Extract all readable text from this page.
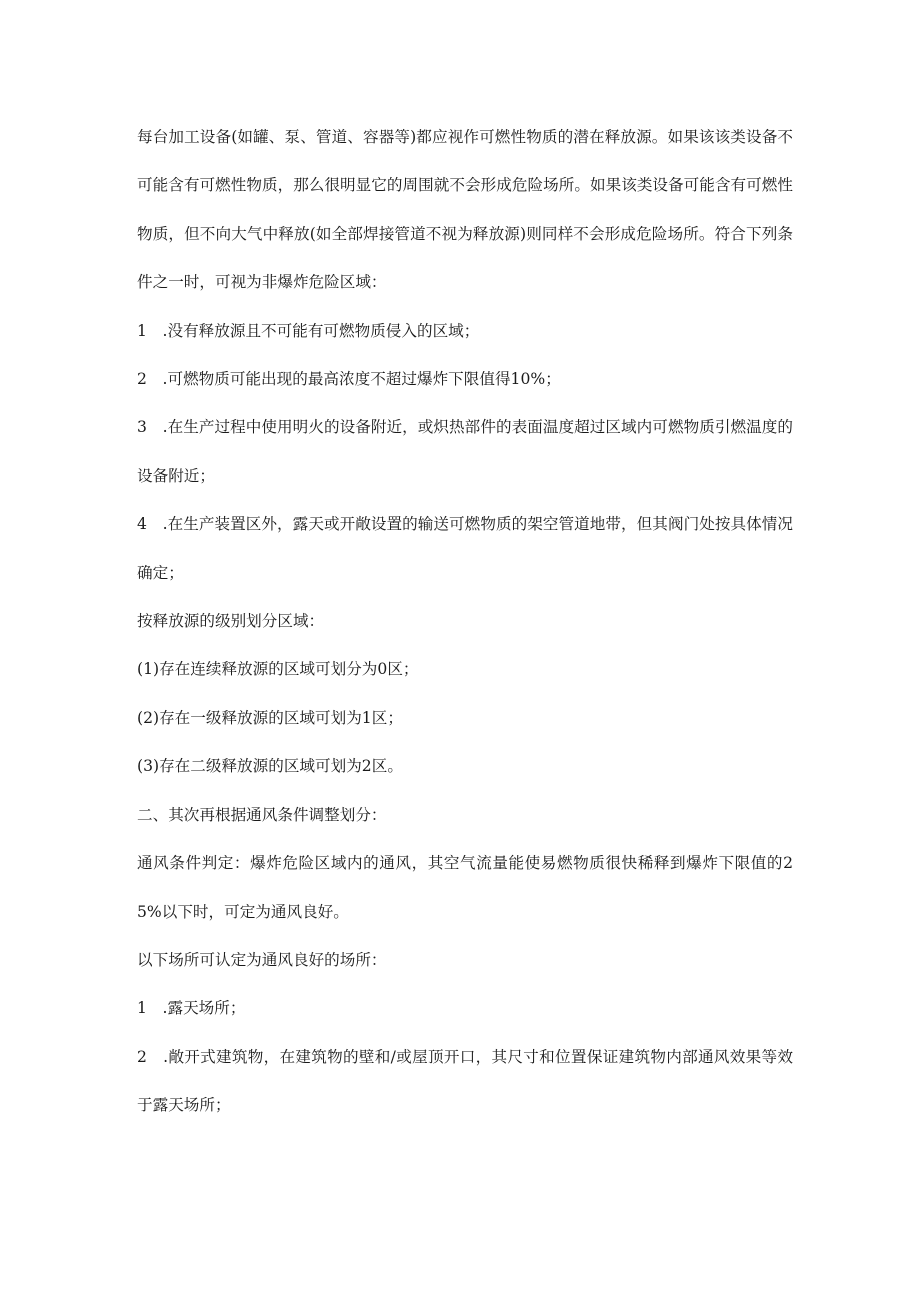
每台加工设备(如罐、泵、管道、容器等)都应视作可燃性物质的潜在释放源。如果该该类设备不可能含有可燃性物质，那么很明显它的周围就不会形成危险场所。如果该类设备可能含有可燃性物质，但不向大气中释放(如全部焊接管道不视为释放源)则同样不会形成危险场所。符合下列条件之一时，可视为非爆炸危险区域：

1　.没有释放源且不可能有可燃物质侵入的区域；

2　.可燃物质可能出现的最高浓度不超过爆炸下限值得10%；

3　.在生产过程中使用明火的设备附近，或炽热部件的表面温度超过区域内可燃物质引燃温度的设备附近；

4　.在生产装置区外，露天或开敞设置的输送可燃物质的架空管道地带，但其阀门处按具体情况确定；

按释放源的级别划分区域：

(1)存在连续释放源的区域可划分为0区；

(2)存在一级释放源的区域可划为1区；

(3)存在二级释放源的区域可划为2区。

二、其次再根据通风条件调整划分：

通风条件判定：爆炸危险区域内的通风，其空气流量能使易燃物质很快稀释到爆炸下限值的25%以下时，可定为通风良好。

以下场所可认定为通风良好的场所：

1　.露天场所；

2　.敞开式建筑物，在建筑物的壁和/或屋顶开口，其尺寸和位置保证建筑物内部通风效果等效于露天场所；
